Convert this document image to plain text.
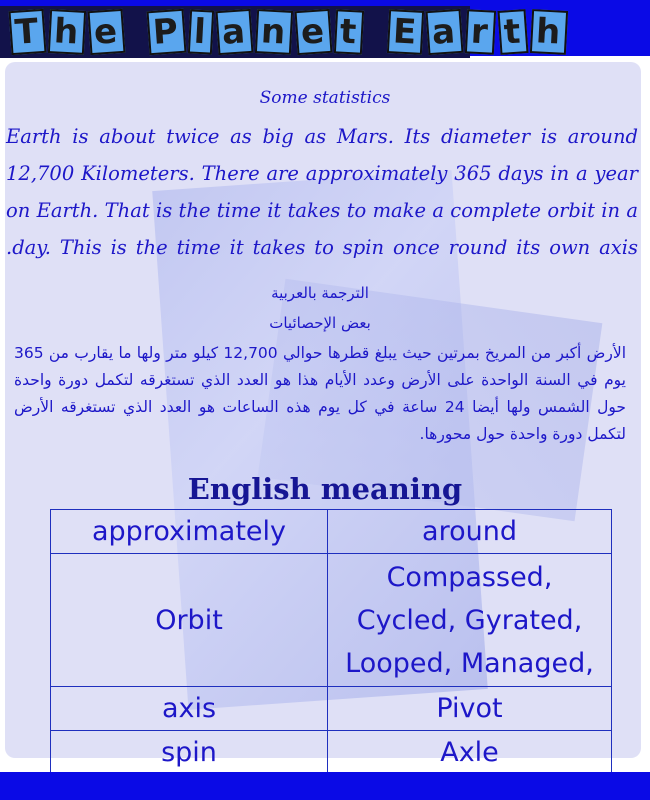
T h e P l a n e t E a r t h
Some statistics
Earth is about twice as big as Mars. Its diameter is around 12,700 Kilometers. There are approximately 365 days in a year on Earth. That is the time it takes to make a complete orbit in a .day. This is the time it takes to spin once round its own axis
الترجمة بالعربية
بعض الإحصائيات
الأرض أكبر من المريخ بمرتين حيث يبلغ قطرها حوالي 12,700 كيلو متر ولها ما يقارب من 365 يوم في السنة الواحدة على الأرض وعدد الأيام هذا هو العدد الذي تستغرقه لتكمل دورة واحدة حول الشمس ولها أيضا 24 ساعة في كل يوم هذه الساعات هو العدد الذي تستغرقه الأرض لتكمل دورة واحدة حول محورها.
English meaning
approximately	around

Orbit	Compassed,
Cycled, Gyrated,
Looped, Managed,

axis	Pivot

spin	Axle
